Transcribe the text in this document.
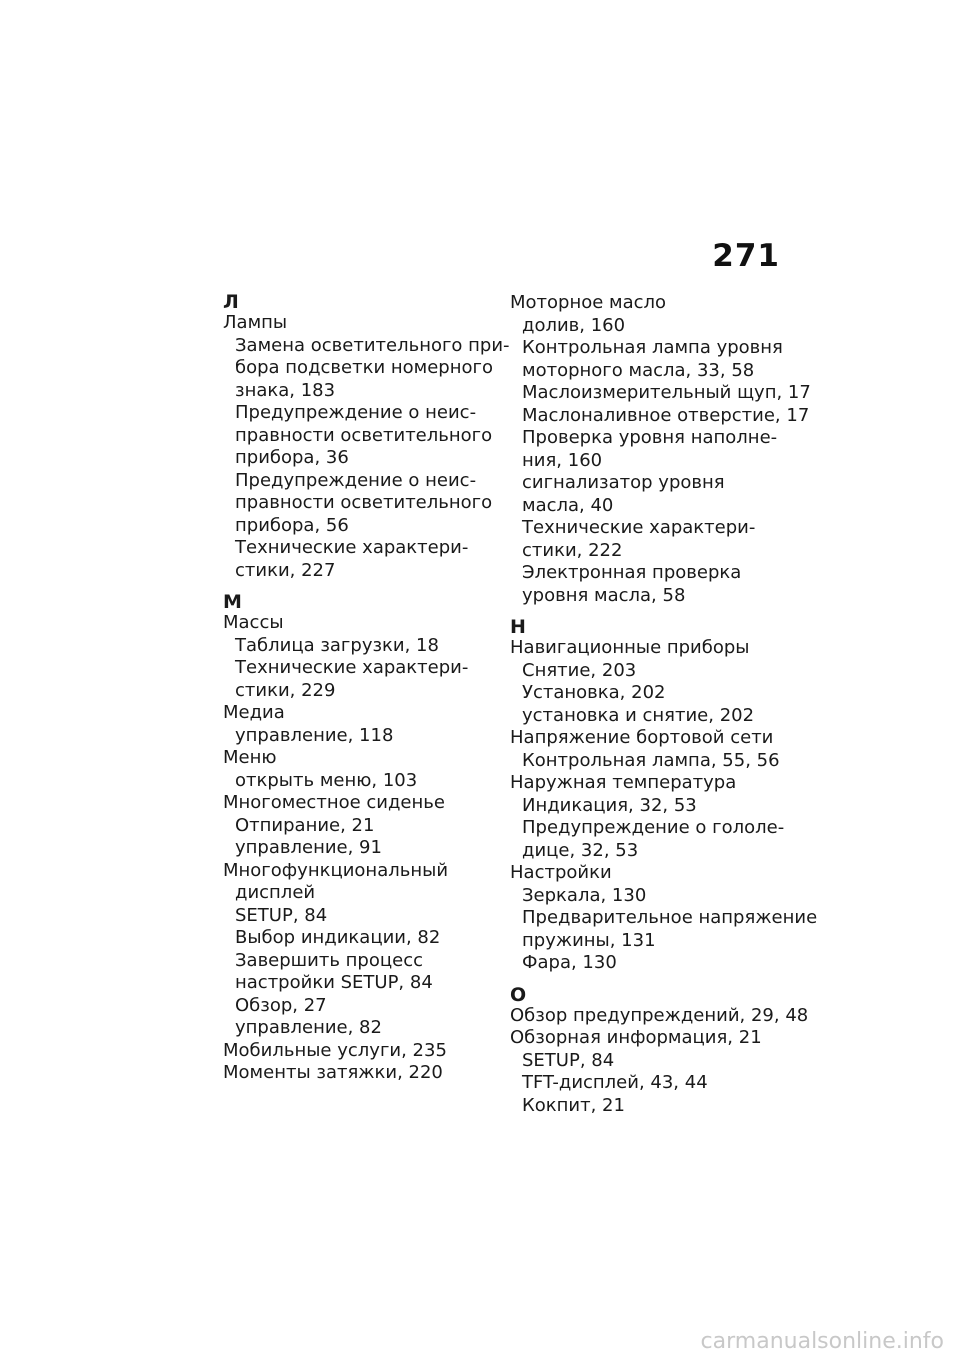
271
Л
Лампы
Замена осветительного при-
бора подсветки номерного
знака, 183
Предупреждение о неис-
правности осветительного
прибора, 36
Предупреждение о неис-
правности осветительного
прибора, 56
Технические характери-
стики, 227
М
Массы
Таблица загрузки, 18
Технические характери-
стики, 229
Медиа
управление, 118
Меню
открыть меню, 103
Многоместное сиденье
Отпирание, 21
управление, 91
Многофункциональный
дисплей
SETUP, 84
Выбор индикации, 82
Завершить процесс
настройки SETUP, 84
Обзор, 27
управление, 82
Мобильные услуги, 235
Моменты затяжки, 220
Моторное масло
долив, 160
Контрольная лампа уровня
моторного масла, 33, 58
Маслоизмерительный щуп, 17
Маслоналивное отверстие, 17
Проверка уровня наполне-
ния, 160
сигнализатор уровня
масла, 40
Технические характери-
стики, 222
Электронная проверка
уровня масла, 58
Н
Навигационные приборы
Снятие, 203
Установка, 202
установка и снятие, 202
Напряжение бортовой сети
Контрольная лампа, 55, 56
Наружная температура
Индикация, 32, 53
Предупреждение о гололе-
дице, 32, 53
Настройки
Зеркала, 130
Предварительное напряжение
пружины, 131
Фара, 130
О
Обзор предупреждений, 29, 48
Обзорная информация, 21
SETUP, 84
TFT-дисплей, 43, 44
Кокпит, 21
carmanualsonline.info
